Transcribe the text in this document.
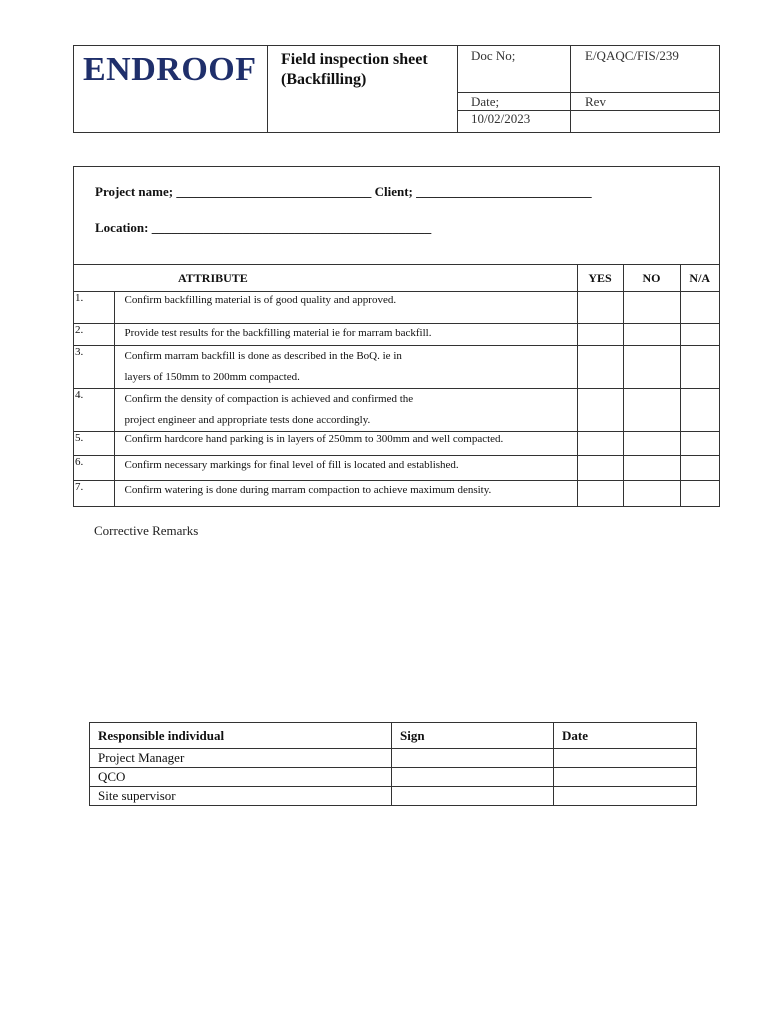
ENDROOF Field inspection sheet
(Backfilling)
Doc No;	E/QAQC/FIS/239
Date;	Rev
10/02/2023
Project name; ______________________________ Client; ___________________________
Location: ___________________________________________
ATTRIBUTE		YES	NO	N/A
1.	Confirm backfilling material is of good quality and approved.			
2.	Provide test results for the backfilling material ie for marram backfill.			
3.	Confirm marram backfill is done as described in the BoQ. ie in
layers of 150mm to 200mm compacted.			
4.	Confirm the density of compaction is achieved and confirmed the
project engineer and appropriate tests done accordingly.			
5.	Confirm hardcore hand parking is in layers of 250mm to 300mm and well compacted.			
6.	Confirm necessary markings for final level of fill is located and established.			
7.	Confirm watering is done during marram compaction to achieve maximum density.			
Corrective Remarks
Responsible individual	Sign	Date
Project Manager		
QCO		
Site supervisor		
